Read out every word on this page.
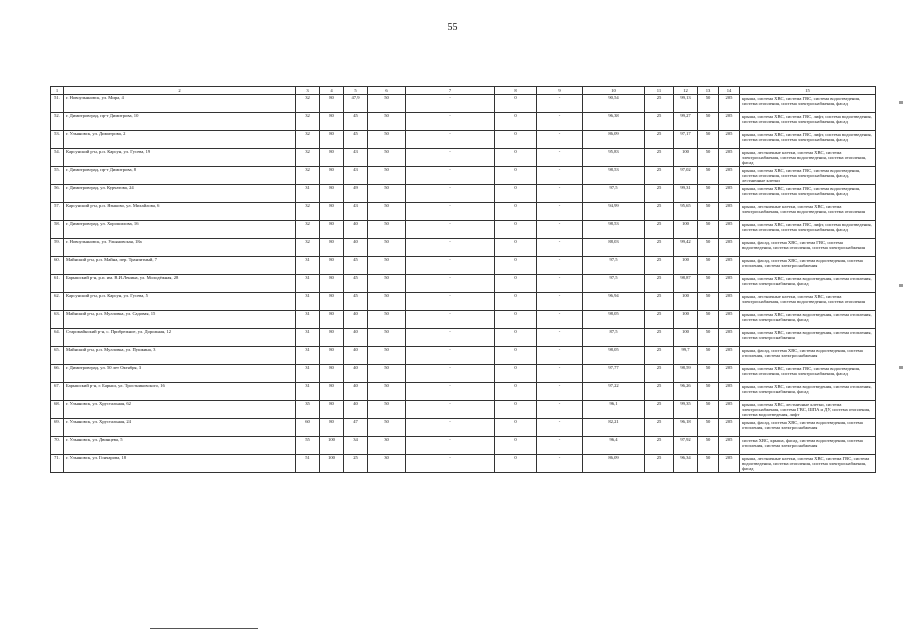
55
1	2	3	4	5	6	7	8	9	10	11	12	13	14	15
51.	г. Новоульяновск, ул. Мира, 4	32	80	47,9	50	-	0	-	90,54	25	99,13	50	205	крыша, система ХВС, система ГВС, система водоотведения, система отопления, система электроснабжения, фасад
52.	г. Димитровград, пр-т Димитрова, 10	32	80	45	50	-	0	-	96,38	25	99,27	50	205	крыша, система ХВС, система ГВС, лифт, система водоотведения, система отопления, система электроснабжения, фасад
53.	г. Ульяновск, ул. Димитрова, 2	32	80	45	50	-	0	-	86,09	25	97,17	50	205	крыша, система ХВС, система ГВС, лифт, система водоотведения, система отопления, система электроснабжения, фасад
54.	Карсунский р-н, р.п. Карсун, ул. Гусева, 19	32	80	43	50	-	0	-	95,83	25	100	50	205	крыша, лестничные клетки, система ХВС, система электроснабжения, система водоотведения, система отопления, фасад
55.	г. Димитровград, пр-т Димитрова, 8	32	80	43	50	-	0	-	98,53	25	97,02	50	205	крыша, система ХВС, система ГВС, система водоотведения, система отопления, система электроснабжения, фасад, лестничные клетки
56.	г. Димитровград, ул. Курчатова, 24	31	80	49	50	-	0	-	97,5	25	99,31	50	205	крыша, система ХВС, система ГВС, система водоотведения, система отопления, система электроснабжения, фасад
57.	Карсунский р-н, р.п. Языково, ул. Михайлова, 6	32	80	43	50	-	0	-	94,99	25	95,65	50	205	крыша, лестничные клетки, система ХВС, система электроснабжения, система водоотведения, система отопления
58.	г. Димитровград, ул. Хорошилова, 16	32	80	40	50	-	0	-	98,53	25	100	50	205	крыша, система ХВС, система ГВС, лифт, система водоотведения, система отопления, система электроснабжения, фасад
59.	г. Новоульяновск, ул. Ульяновская, 18а	32	80	40	50	-	0	-	88,03	25	99,42	50	205	крыша, фасад, система ХВС, система ГВС, система водоотведения, система отопления, система электроснабжения
60.	Майнский р-н, р.п. Майна, пер. Транзитный, 7	31	80	45	50	-	0	-	97,5	25	100	50	205	крыша, фасад, система ХВС, система водоотведения, система отопления, система электроснабжения
61.	Барышский р-н, р.п. им. В.И.Ленина, ул. Молодёжная, 28	31	80	45	50	-	0	-	97,5	25	98,87	50	205	крыша, система ХВС, система водоотведения, система отопления, система электроснабжения, фасад
62.	Карсунский р-н, р.п. Карсун, ул. Гусева, 5	31	80	45	50	-	0	-	96,94	25	100	50	205	крыша, лестничные клетки, система ХВС, система электроснабжения, система водоотведения, система отопления
63.	Майнский р-н, р.п. Мулловка, ул. Садовая, 15	31	80	40	50	-	0	-	98,05	25	100	50	205	крыша, система ХВС, система водоотведения, система отопления, система электроснабжения, фасад
64.	Старомайнский р-н, с. Прибрежное, ул. Дорожная, 12	31	80	40	50	-	0	-	87,5	25	100	50	205	крыша, система ХВС, система водоотведения, система отопления, система электроснабжения
65.	Майнский р-н, р.п. Мулловка, ул. Пушкина, 3	31	80	40	50	-	0	-	98,05	25	99,7	50	205	крыша, фасад, система ХВС, система водоотведения, система отопления, система электроснабжения
66.	г. Димитровград, ул. 50 лет Октября, 3	31	80	40	50	-	0	-	97,77	25	98,59	50	205	крыша, система ХВС, система ГВС, система водоотведения, система отопления, система электроснабжения, фасад
67.	Барышский р-н, г. Барыш, ул. Тростниковского, 16	31	80	40	50	-	0	-	97,22	25	96,26	50	205	крыша, система ХВС, система водоотведения, система отопления, система электроснабжения, фасад
68.	г. Ульяновск, ул. Хрустальная, 62	35	80	40	50	-	0	-	96,1	25	99,35	50	205	крыша, система ХВС, лестничные клетки, система электроснабжения, система ГВС, ШПА и ДУ, система отопления, система водоотведения, лифт
69.	г. Ульяновск, ул. Хрустальная, 24	60	80	47	50	-	0	-	82,21	25	96,18	50	205	крыша, фасад, система ХВС, система водоотведения, система отопления, система электроснабжения
70.	г. Ульяновск, ул. Двинцева, 5	55	100	34	30	-	0	-	96,4	25	97,92	50	205	система ХВС, крыша, фасад, система водоотведения, система отопления, система электроснабжения
71.	г. Ульяновск, ул. Гончарова, 18	51	100	25	30	-	0	-	86,09	25	96,34	50	205	крыша, лестничные клетки, система ХВС, система ГВС, система водоотведения, система отопления, система электроснабжения, фасад
